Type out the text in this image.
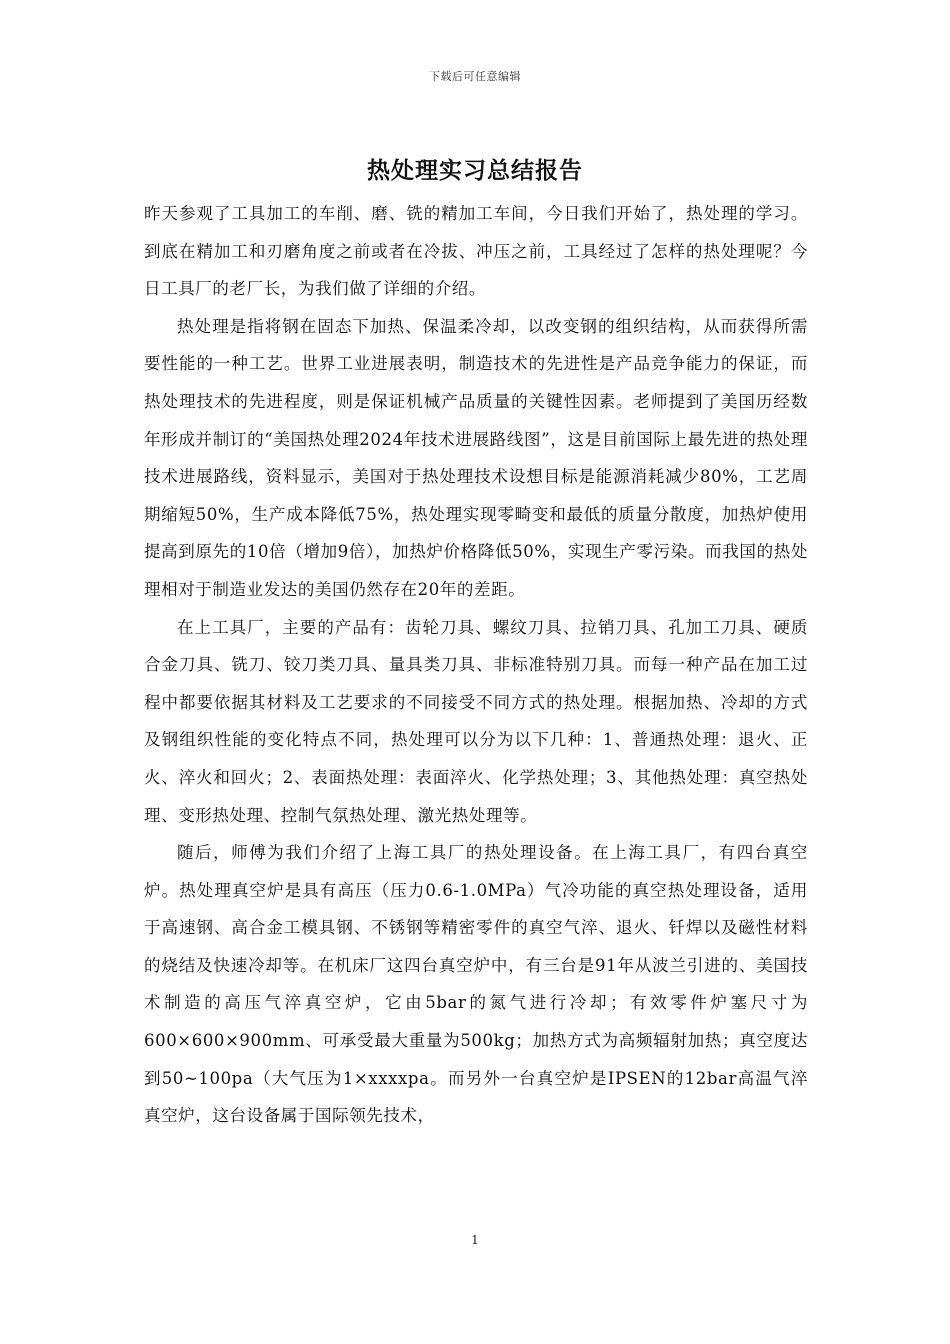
下载后可任意编辑
热处理实习总结报告

昨天参观了工具加工的车削、磨、铣的精加工车间，今日我们开始了，热处理的学习。到底在精加工和刃磨角度之前或者在冷拔、冲压之前，工具经过了怎样的热处理呢？今日工具厂的老厂长，为我们做了详细的介绍。

热处理是指将钢在固态下加热、保温柔冷却，以改变钢的组织结构，从而获得所需要性能的一种工艺。世界工业进展表明，制造技术的先进性是产品竞争能力的保证，而热处理技术的先进程度，则是保证机械产品质量的关键性因素。老师提到了美国历经数年形成并制订的“美国热处理2024年技术进展路线图”，这是目前国际上最先进的热处理技术进展路线，资料显示，美国对于热处理技术设想目标是能源消耗减少80%，工艺周期缩短50%，生产成本降低75%，热处理实现零畸变和最低的质量分散度，加热炉使用提高到原先的10倍（增加9倍），加热炉价格降低50%，实现生产零污染。而我国的热处理相对于制造业发达的美国仍然存在20年的差距。

在上工具厂，主要的产品有：齿轮刀具、螺纹刀具、拉销刀具、孔加工刀具、硬质合金刀具、铣刀、铰刀类刀具、量具类刀具、非标准特别刀具。而每一种产品在加工过程中都要依据其材料及工艺要求的不同接受不同方式的热处理。根据加热、冷却的方式及钢组织性能的变化特点不同，热处理可以分为以下几种：1、普通热处理：退火、正火、淬火和回火；2、表面热处理：表面淬火、化学热处理；3、其他热处理：真空热处理、变形热处理、控制气氛热处理、激光热处理等。

随后，师傅为我们介绍了上海工具厂的热处理设备。在上海工具厂，有四台真空炉。热处理真空炉是具有高压（压力0.6-1.0MPa）气冷功能的真空热处理设备，适用于高速钢、高合金工模具钢、不锈钢等精密零件的真空气淬、退火、钎焊以及磁性材料的烧结及快速冷却等。在机床厂这四台真空炉中，有三台是91年从波兰引进的、美国技术制造的高压气淬真空炉，它由5bar的氮气进行冷却；有效零件炉塞尺寸为600×600×900mm、可承受最大重量为500kg；加热方式为高频辐射加热；真空度达到50~100pa（大气压为1×xxxxpa。而另外一台真空炉是IPSEN的12bar高温气淬真空炉，这台设备属于国际领先技术，

1
